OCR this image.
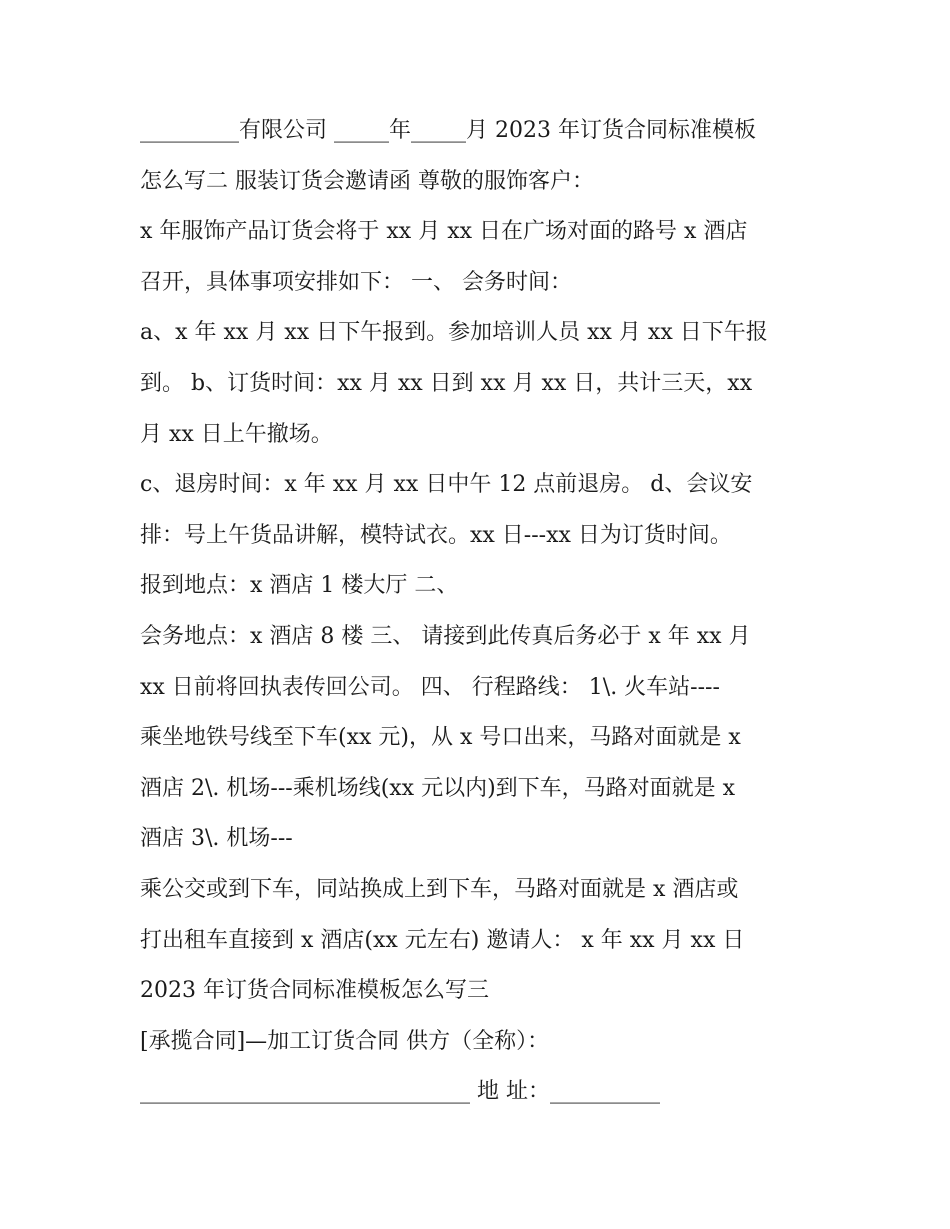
_________有限公司 _____年_____月 2023 年订货合同标准模板
怎么写二 服装订货会邀请函 尊敬的服饰客户：
x 年服饰产品订货会将于 xx 月 xx 日在广场对面的路号 x 酒店
召开，具体事项安排如下： 一、 会务时间：
a、x 年 xx 月 xx 日下午报到。参加培训人员 xx 月 xx 日下午报
到。 b、订货时间：xx 月 xx 日到 xx 月 xx 日，共计三天，xx
月 xx 日上午撤场。
c、退房时间：x 年 xx 月 xx 日中午 12 点前退房。 d、会议安
排：号上午货品讲解，模特试衣。xx 日---xx 日为订货时间。
报到地点：x 酒店 1 楼大厅 二、
会务地点：x 酒店 8 楼 三、 请接到此传真后务必于 x 年 xx 月
xx 日前将回执表传回公司。 四、 行程路线： 1\. 火车站----
乘坐地铁号线至下车(xx 元)，从 x 号口出来，马路对面就是 x
酒店 2\. 机场---乘机场线(xx 元以内)到下车，马路对面就是 x
酒店 3\. 机场---
乘公交或到下车，同站换成上到下车，马路对面就是 x 酒店或
打出租车直接到 x 酒店(xx 元左右) 邀请人： x 年 xx 月 xx 日
2023 年订货合同标准模板怎么写三
[承揽合同]—加工订货合同 供方（全称）：
______________________________ 地 址：__________
